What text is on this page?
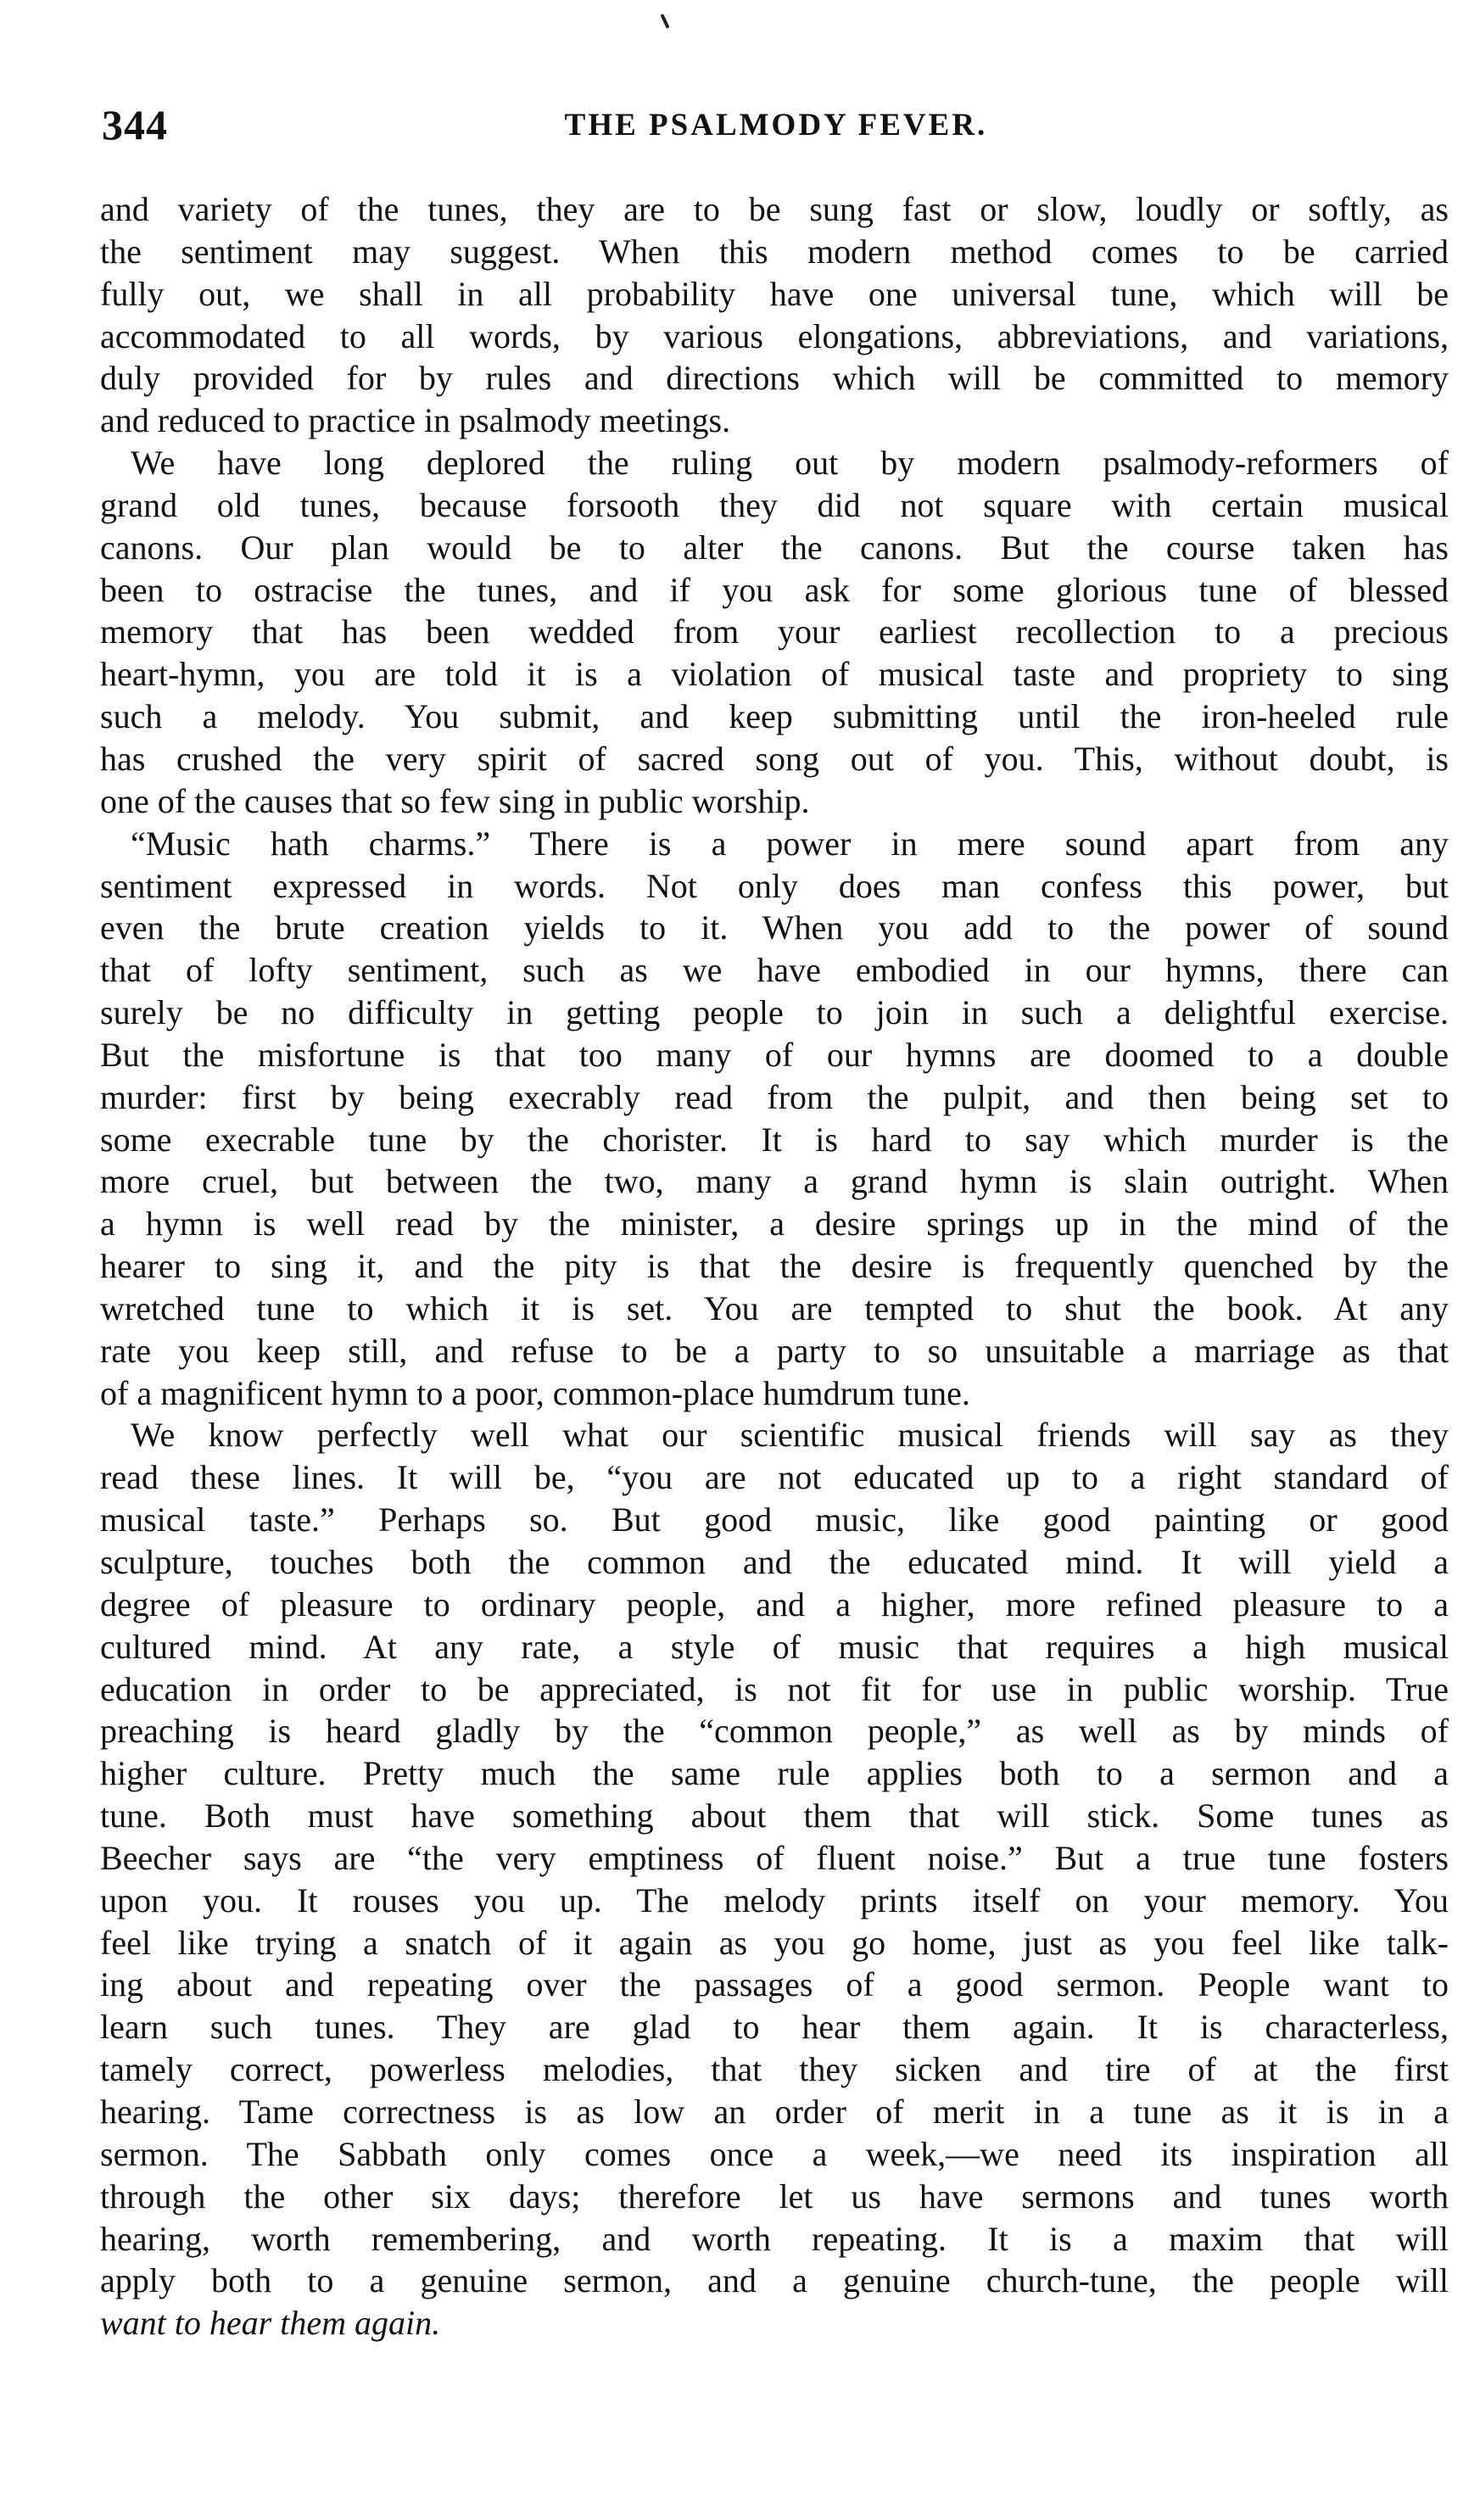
344	THE PSALMODY FEVER.
and variety of the tunes, they are to be sung fast or slow, loudly or softly, as
the sentiment may suggest. When this modern method comes to be carried
fully out, we shall in all probability have one universal tune, which will be
accommodated to all words, by various elongations, abbreviations, and variations,
duly provided for by rules and directions which will be committed to memory
and reduced to practice in psalmody meetings.
We have long deplored the ruling out by modern psalmody-reformers of
grand old tunes, because forsooth they did not square with certain musical
canons. Our plan would be to alter the canons. But the course taken has
been to ostracise the tunes, and if you ask for some glorious tune of blessed
memory that has been wedded from your earliest recollection to a precious
heart-hymn, you are told it is a violation of musical taste and propriety to sing
such a melody. You submit, and keep submitting until the iron-heeled rule
has crushed the very spirit of sacred song out of you. This, without doubt, is
one of the causes that so few sing in public worship.
“Music hath charms.” There is a power in mere sound apart from any
sentiment expressed in words. Not only does man confess this power, but
even the brute creation yields to it. When you add to the power of sound
that of lofty sentiment, such as we have embodied in our hymns, there can
surely be no difficulty in getting people to join in such a delightful exercise.
But the misfortune is that too many of our hymns are doomed to a double
murder: first by being execrably read from the pulpit, and then being set to
some execrable tune by the chorister. It is hard to say which murder is the
more cruel, but between the two, many a grand hymn is slain outright. When
a hymn is well read by the minister, a desire springs up in the mind of the
hearer to sing it, and the pity is that the desire is frequently quenched by the
wretched tune to which it is set. You are tempted to shut the book. At any
rate you keep still, and refuse to be a party to so unsuitable a marriage as that
of a magnificent hymn to a poor, common-place humdrum tune.
We know perfectly well what our scientific musical friends will say as they
read these lines. It will be, “you are not educated up to a right standard of
musical taste.” Perhaps so. But good music, like good painting or good
sculpture, touches both the common and the educated mind. It will yield a
degree of pleasure to ordinary people, and a higher, more refined pleasure to a
cultured mind. At any rate, a style of music that requires a high musical
education in order to be appreciated, is not fit for use in public worship. True
preaching is heard gladly by the “common people,” as well as by minds of
higher culture. Pretty much the same rule applies both to a sermon and a
tune. Both must have something about them that will stick. Some tunes as
Beecher says are “the very emptiness of fluent noise.” But a true tune fosters
upon you. It rouses you up. The melody prints itself on your memory. You
feel like trying a snatch of it again as you go home, just as you feel like talk-
ing about and repeating over the passages of a good sermon. People want to
learn such tunes. They are glad to hear them again. It is characterless,
tamely correct, powerless melodies, that they sicken and tire of at the first
hearing. Tame correctness is as low an order of merit in a tune as it is in a
sermon. The Sabbath only comes once a week,—we need its inspiration all
through the other six days; therefore let us have sermons and tunes worth
hearing, worth remembering, and worth repeating. It is a maxim that will
apply both to a genuine sermon, and a genuine church-tune, the people will
want to hear them again.
